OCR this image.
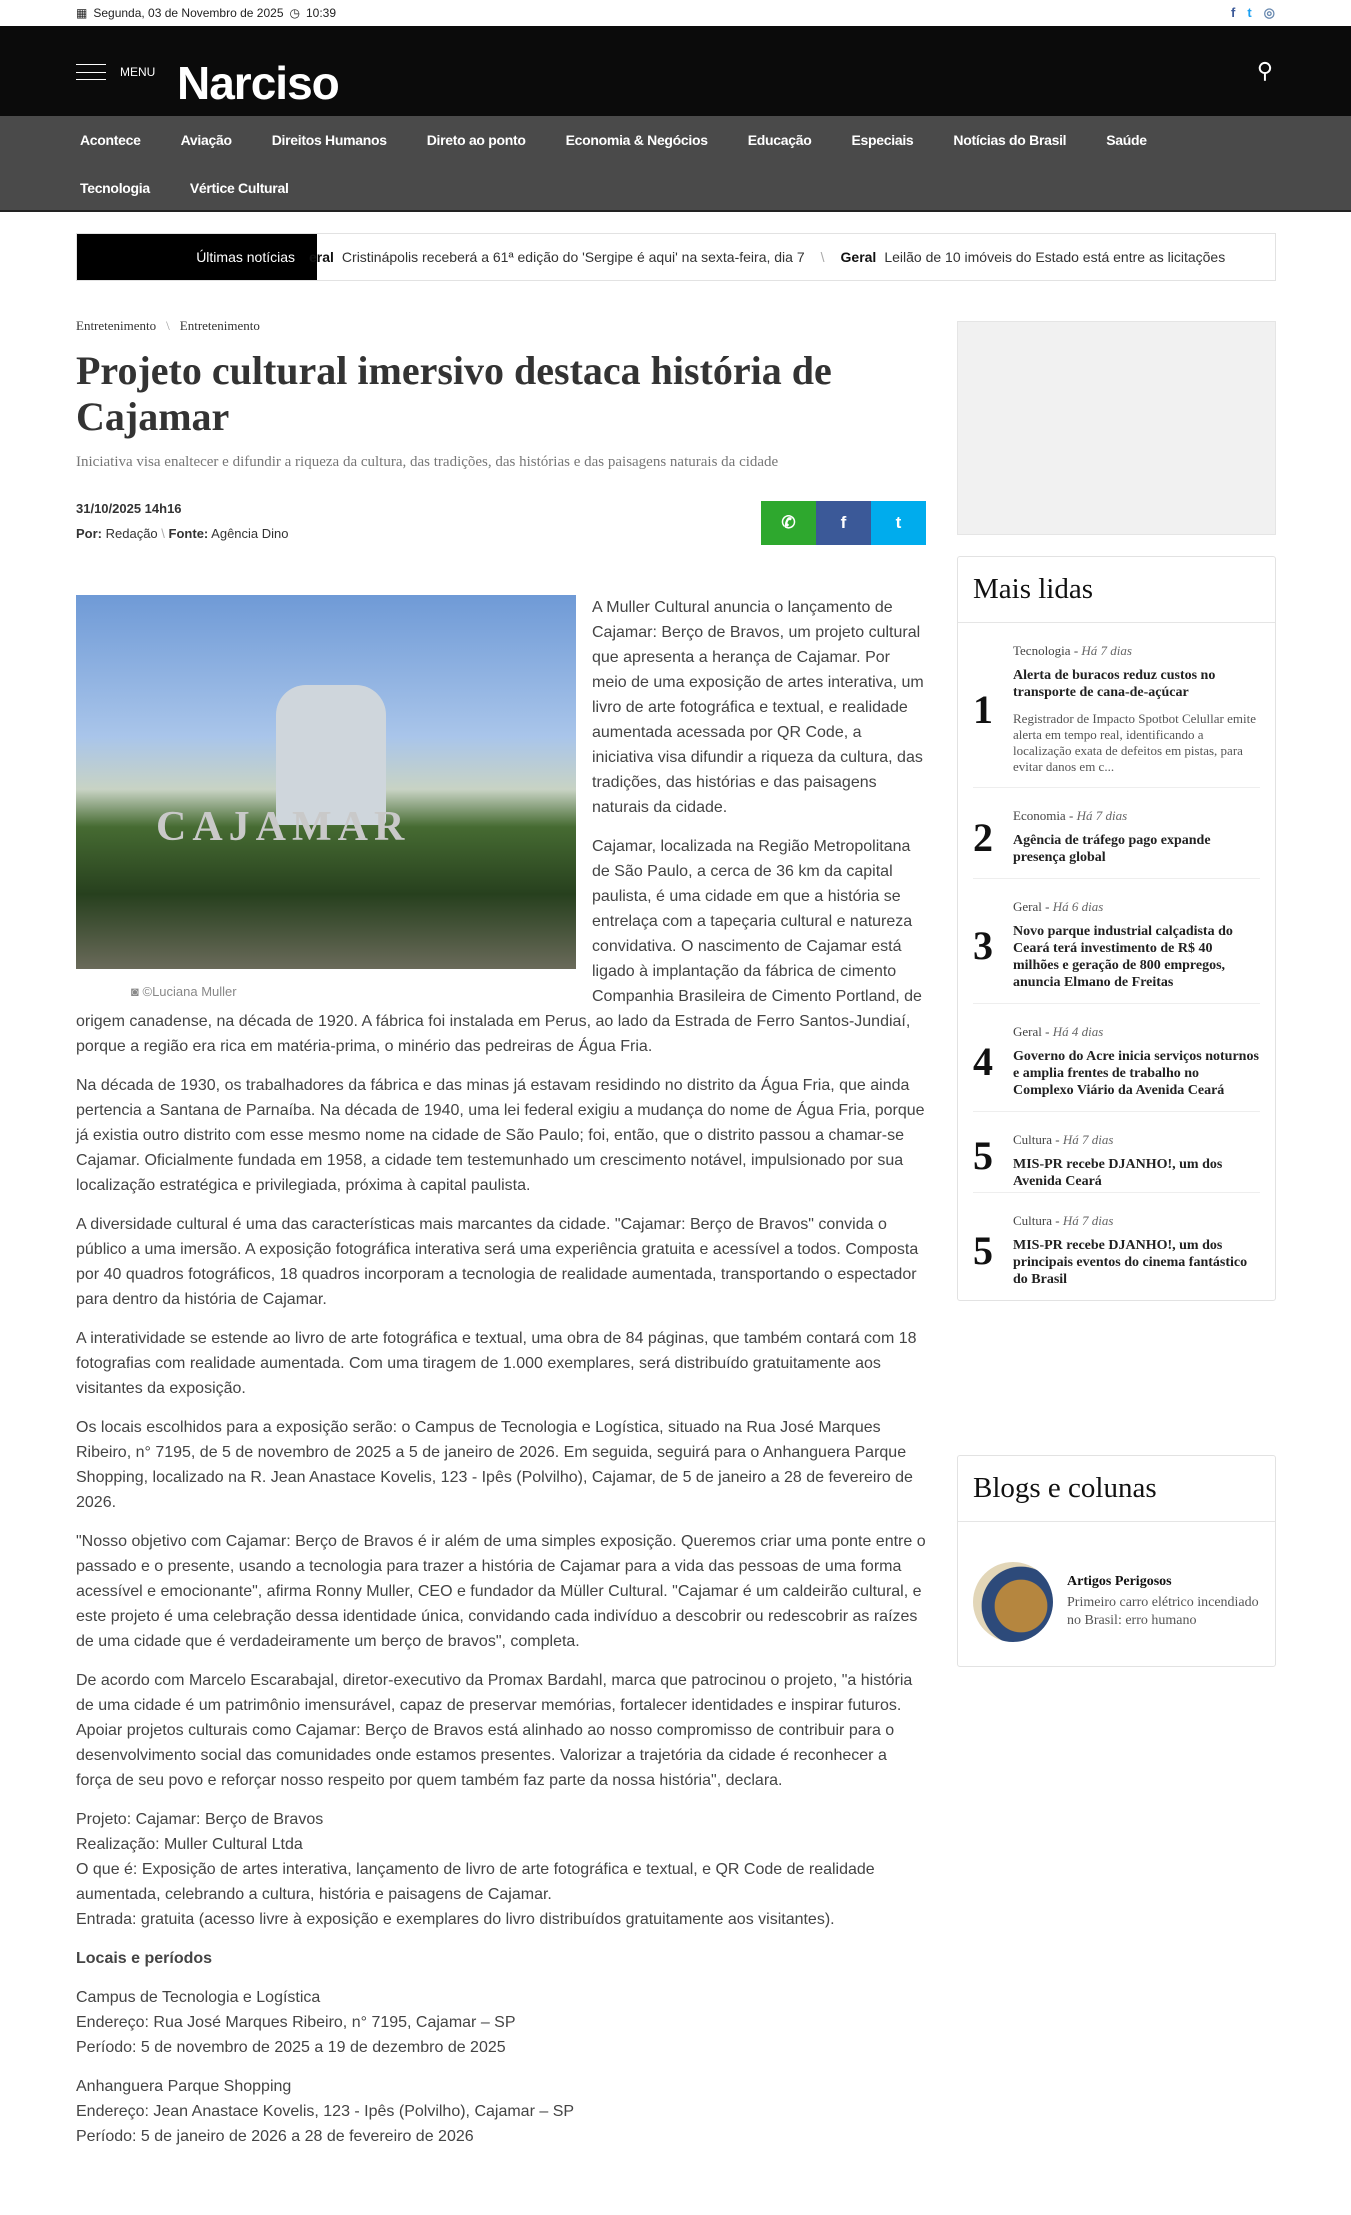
▦ Segunda, 03 de Novembro de 2025 ◷ 10:39	f t ◎
MENU Narciso	⚲
Acontece	Aviação	Direitos Humanos	Direto ao ponto	Economia & Negócios	Educação	Especiais	Notícias do Brasil	Saúde
Tecnologia	Vértice Cultural
Últimas notícias	eral Cristinápolis receberá a 61ª edição do 'Sergipe é aqui' na sexta-feira, dia 7 \ Geral Leilão de 10 imóveis do Estado está entre as licitações
Entretenimento \ Entretenimento
Projeto cultural imersivo destaca história de Cajamar
Iniciativa visa enaltecer e difundir a riqueza da cultura, das tradições, das histórias e das paisagens naturais da cidade
31/10/2025 14h16
Por: Redação \ Fonte: Agência Dino
✆	f	t
CAJAMAR
◙ ©Luciana Muller

A Muller Cultural anuncia o lançamento de Cajamar: Berço de Bravos, um projeto cultural que apresenta a herança de Cajamar. Por meio de uma exposição de artes interativa, um livro de arte fotográfica e textual, e realidade aumentada acessada por QR Code, a iniciativa visa difundir a riqueza da cultura, das tradições, das histórias e das paisagens naturais da cidade.

Cajamar, localizada na Região Metropolitana de São Paulo, a cerca de 36 km da capital paulista, é uma cidade em que a história se entrelaça com a tapeçaria cultural e natureza convidativa. O nascimento de Cajamar está ligado à implantação da fábrica de cimento Companhia Brasileira de Cimento Portland, de origem canadense, na década de 1920. A fábrica foi instalada em Perus, ao lado da Estrada de Ferro Santos-Jundiaí, porque a região era rica em matéria-prima, o minério das pedreiras de Água Fria.

Na década de 1930, os trabalhadores da fábrica e das minas já estavam residindo no distrito da Água Fria, que ainda pertencia a Santana de Parnaíba. Na década de 1940, uma lei federal exigiu a mudança do nome de Água Fria, porque já existia outro distrito com esse mesmo nome na cidade de São Paulo; foi, então, que o distrito passou a chamar-se Cajamar. Oficialmente fundada em 1958, a cidade tem testemunhado um crescimento notável, impulsionado por sua localização estratégica e privilegiada, próxima à capital paulista.

A diversidade cultural é uma das características mais marcantes da cidade. "Cajamar: Berço de Bravos" convida o público a uma imersão. A exposição fotográfica interativa será uma experiência gratuita e acessível a todos. Composta por 40 quadros fotográficos, 18 quadros incorporam a tecnologia de realidade aumentada, transportando o espectador para dentro da história de Cajamar.

A interatividade se estende ao livro de arte fotográfica e textual, uma obra de 84 páginas, que também contará com 18 fotografias com realidade aumentada. Com uma tiragem de 1.000 exemplares, será distribuído gratuitamente aos visitantes da exposição.

Os locais escolhidos para a exposição serão: o Campus de Tecnologia e Logística, situado na Rua José Marques Ribeiro, n° 7195, de 5 de novembro de 2025 a 5 de janeiro de 2026. Em seguida, seguirá para o Anhanguera Parque Shopping, localizado na R. Jean Anastace Kovelis, 123 - Ipês (Polvilho), Cajamar, de 5 de janeiro a 28 de fevereiro de 2026.

"Nosso objetivo com Cajamar: Berço de Bravos é ir além de uma simples exposição. Queremos criar uma ponte entre o passado e o presente, usando a tecnologia para trazer a história de Cajamar para a vida das pessoas de uma forma acessível e emocionante", afirma Ronny Muller, CEO e fundador da Müller Cultural. "Cajamar é um caldeirão cultural, e este projeto é uma celebração dessa identidade única, convidando cada indivíduo a descobrir ou redescobrir as raízes de uma cidade que é verdadeiramente um berço de bravos", completa.

De acordo com Marcelo Escarabajal, diretor-executivo da Promax Bardahl, marca que patrocinou o projeto, "a história de uma cidade é um patrimônio imensurável, capaz de preservar memórias, fortalecer identidades e inspirar futuros. Apoiar projetos culturais como Cajamar: Berço de Bravos está alinhado ao nosso compromisso de contribuir para o desenvolvimento social das comunidades onde estamos presentes. Valorizar a trajetória da cidade é reconhecer a força de seu povo e reforçar nosso respeito por quem também faz parte da nossa história", declara.

Projeto: Cajamar: Berço de Bravos
Realização: Muller Cultural Ltda
O que é: Exposição de artes interativa, lançamento de livro de arte fotográfica e textual, e QR Code de realidade aumentada, celebrando a cultura, história e paisagens de Cajamar.
Entrada: gratuita (acesso livre à exposição e exemplares do livro distribuídos gratuitamente aos visitantes).

Locais e períodos

Campus de Tecnologia e Logística
Endereço: Rua José Marques Ribeiro, n° 7195, Cajamar – SP
Período: 5 de novembro de 2025 a 19 de dezembro de 2025

Anhanguera Parque Shopping
Endereço: Jean Anastace Kovelis, 123 - Ipês (Polvilho), Cajamar – SP
Período: 5 de janeiro de 2026 a 28 de fevereiro de 2026

Mais lidas
1
Tecnologia - Há 7 dias
Alerta de buracos reduz custos no transporte de cana-de-açúcar
Registrador de Impacto Spotbot Celullar emite alerta em tempo real, identificando a localização exata de defeitos em pistas, para evitar danos em c...
2	Economia - Há 7 dias
Agência de tráfego pago expande presença global
3
Geral - Há 6 dias
Novo parque industrial calçadista do Ceará terá investimento de R$ 40 milhões e geração de 800 empregos, anuncia Elmano de Freitas
4
Geral - Há 4 dias
Governo do Acre inicia serviços noturnos e amplia frentes de trabalho no Complexo Viário da Avenida Ceará
5	Cultura - Há 7 dias
MIS-PR recebe DJANHO!, um dos Avenida Ceará
5
Cultura - Há 7 dias
MIS-PR recebe DJANHO!, um dos principais eventos do cinema fantástico do Brasil
Blogs e colunas
Artigos Perigosos
Primeiro carro elétrico incendiado no Brasil: erro humano
